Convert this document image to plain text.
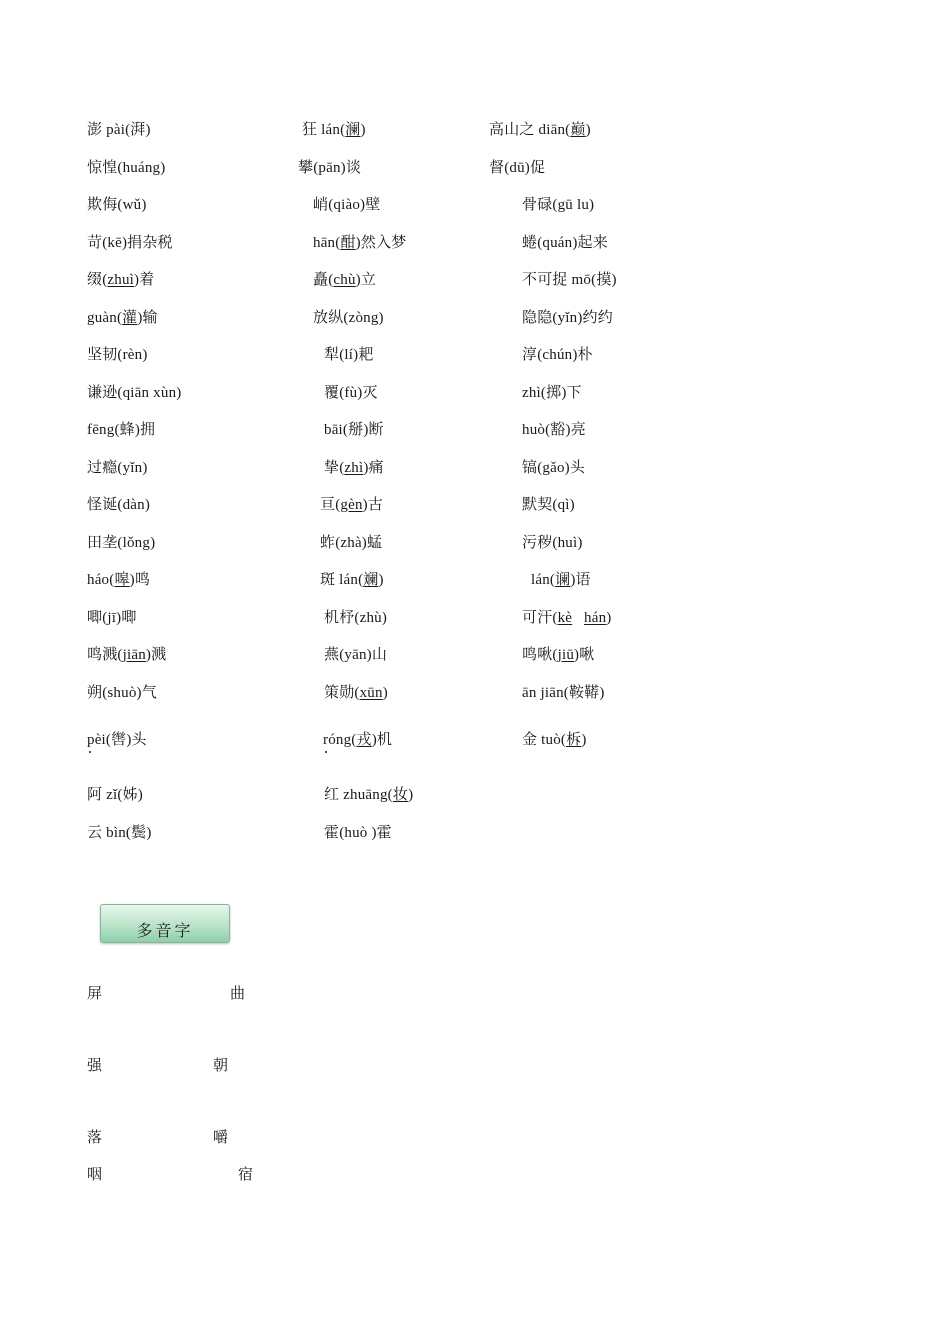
澎 pài(湃)	狂 lán(澜)	高山之 diān(巅)
惊惶(huáng)	攀(pān)谈	督(dū)促
欺侮(wǔ)	峭(qiào)壁	骨碌(gū lu)
苛(kē)捐杂税	hān(酣)然入梦	蜷(quán)起来
缀(zhuì)着	矗(chù)立	不可捉 mō(摸)
guàn(灌)输	放纵(zòng)	隐隐(yǐn)约约
坚韧(rèn)	犁(lí)耙	淳(chún)朴
谦逊(qiān xùn)	覆(fù)灭	zhì(掷)下
fēng(蜂)拥	bāi(掰)断	huò(豁)亮
过瘾(yǐn)	挚(zhì)痛	镐(gǎo)头
怪诞(dàn)	亘(gèn)古	默契(qì)
田垄(lǒng)	蚱(zhà)蜢	污秽(huì)
háo(嗥)鸣	斑 lán(斓)	lán(谰)语
唧(jī)唧	机杼(zhù)	可汗(kè hán)
鸣溅(jiān)溅	燕(yān)山	鸣啾(jiū)啾
朔(shuò)气	策勋(xūn)	ān jiān(鞍鞯)
pèi(辔)头	róng(戎)机	金 tuò(柝)
阿 zǐ(姊)	红 zhuāng(妆)
云 bìn(鬓)	霍(huò )霍
多音字
屏	曲
强	朝
落	嚼
咽	宿
